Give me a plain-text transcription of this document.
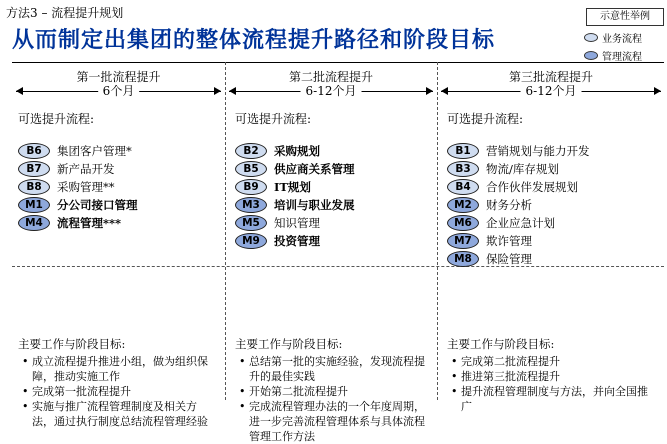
方法3 – 流程提升规划
从而制定出集团的整体流程提升路径和阶段目标
示意性举例
业务流程
管理流程
第一批流程提升
6个月
可选提升流程:
B6	集团客户管理*
B7	新产品开发
B8	采购管理**
M1	分公司接口管理
M4	流程管理***
主要工作与阶段目标:
• 成立流程提升推进小组，做为组织保障，推动实施工作
• 完成第一批流程提升
• 实施与推广流程管理制度及相关方法，通过执行制度总结流程管理经验
第二批流程提升
6-12个月
可选提升流程:
B2	采购规划
B5	供应商关系管理
B9	IT规划
M3	培训与职业发展
M5	知识管理
M9	投资管理
主要工作与阶段目标:
• 总结第一批的实施经验，发现流程提升的最佳实践
• 开始第二批流程提升
• 完成流程管理办法的一个年度周期，进一步完善流程管理体系与具体流程管理工作方法
第三批流程提升
6-12个月
可选提升流程:
B1	营销规划与能力开发
B3	物流/库存规划
B4	合作伙伴发展规划
M2	财务分析
M6	企业应急计划
M7	欺诈管理
M8	保险管理
主要工作与阶段目标:
• 完成第二批流程提升
• 推进第三批流程提升
• 提升流程管理制度与方法，并向全国推广
